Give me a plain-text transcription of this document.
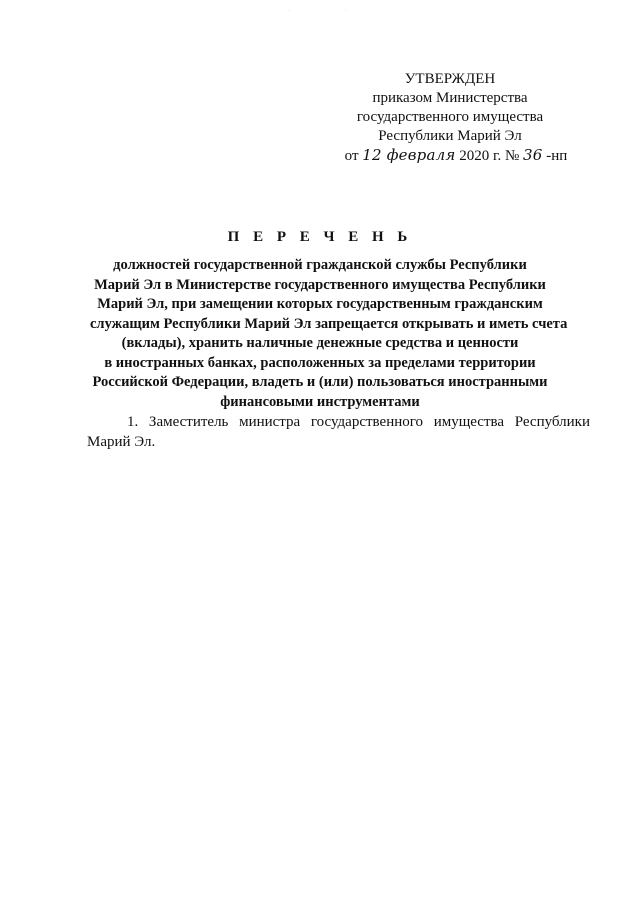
·	·
УТВЕРЖДЕН
приказом Министерства
государственного имущества
Республики Марий Эл
от 12 февраля 2020 г. № 36 -нп
П Е Р Е Ч Е Н Ь
должностей государственной гражданской службы Республики
Марий Эл в Министерстве государственного имущества Республики
Марий Эл, при замещении которых государственным гражданским
служащим Республики Марий Эл запрещается открывать и иметь счета
(вклады), хранить наличные денежные средства и ценности
в иностранных банках, расположенных за пределами территории
Российской Федерации, владеть и (или) пользоваться иностранными
финансовыми инструментами
1. Заместитель министра государственного имущества Республики
Марий Эл.
